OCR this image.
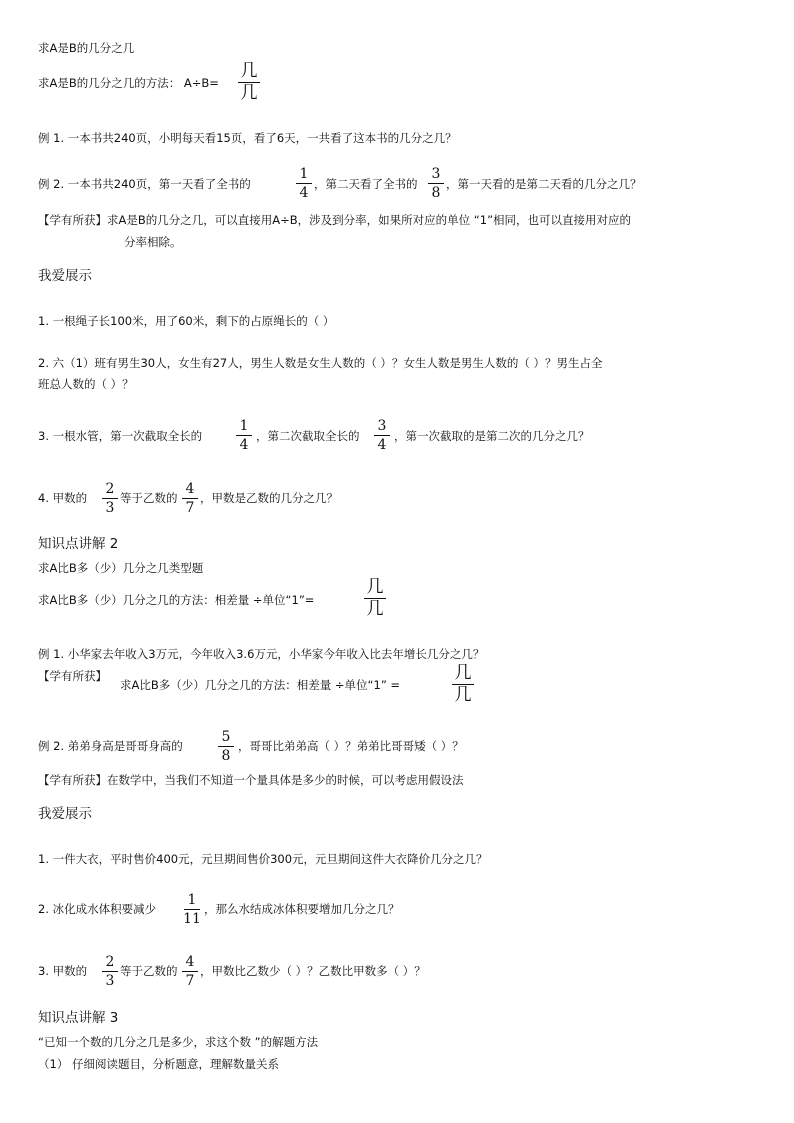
求A是B的几分之几
求A是B的几分之几的方法： A÷B=
几
几
例 1. 一本书共240页，小明每天看15页，看了6天，一共看了这本书的几分之几？
例 2. 一本书共240页，第一天看了全书的
1
4
，第二天看了全书的
3
8
，第一天看的是第二天看的几分之几？
【学有所获】求A是B的几分之几，可以直接用A÷B，涉及到分率，如果所对应的单位 “1”相同，也可以直接用对应的
分率相除。
我爱展示
1. 一根绳子长100米，用了60米，剩下的占原绳长的（ ）
2. 六（1）班有男生30人，女生有27人，男生人数是女生人数的（ ）？女生人数是男生人数的（ ）？男生占全
班总人数的（ ）？
3. 一根水管，第一次截取全长的
1
4
，第二次截取全长的
3
4
，第一次截取的是第二次的几分之几？
4. 甲数的
2
3
等于乙数的
4
7
，甲数是乙数的几分之几？
知识点讲解 2
求A比B多（少）几分之几类型题
求A比B多（少）几分之几的方法：相差量 ÷单位“1”=
几
几
例 1. 小华家去年收入3万元，今年收入3.6万元，小华家今年收入比去年增长几分之几？
【学有所获】
求A比B多（少）几分之几的方法：相差量 ÷单位“1” =
几
几
例 2. 弟弟身高是哥哥身高的
5
8
，哥哥比弟弟高（ ）？弟弟比哥哥矮（ ）？
【学有所获】在数学中，当我们不知道一个量具体是多少的时候，可以考虑用假设法
我爱展示
1. 一件大衣，平时售价400元，元旦期间售价300元，元旦期间这件大衣降价几分之几？
2. 冰化成水体积要减少
1
11
，那么水结成冰体积要增加几分之几？
3. 甲数的
2
3
等于乙数的
4
7
，甲数比乙数少（ ）？乙数比甲数多（ ）？
知识点讲解 3
“已知一个数的几分之几是多少，求这个数 ”的解题方法
（1） 仔细阅读题目，分析题意，理解数量关系
